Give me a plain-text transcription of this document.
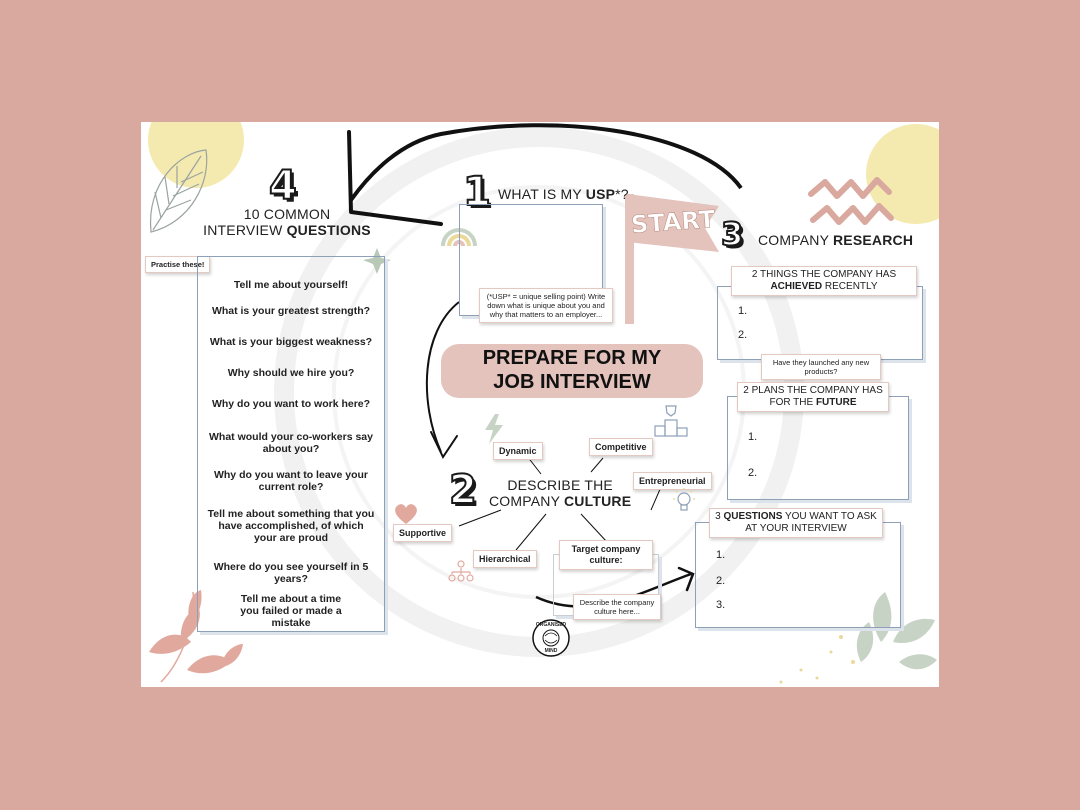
START
1 WHAT IS MY USP*?
(*USP* = unique selling point) Write down what is unique about you and why that matters to an employer...
PREPARE FOR MY
JOB INTERVIEW
4
10 COMMON
INTERVIEW QUESTIONS
Practise these!
Tell me about yourself!
What is your greatest strength?
What is your biggest weakness?
Why should we hire you?
Why do you want to work here?
What would your co-workers say about you?
Why do you want to leave your current role?
Tell me about something that you have accomplished, of which your are proud
Where do you see yourself in 5 years?
Tell me about a time you failed or made a mistake
3 COMPANY RESEARCH
1.
2.
2 THINGS THE COMPANY HAS
ACHIEVED RECENTLY
Have they launched any new products?
1.
2.
2 PLANS THE COMPANY HAS
FOR THE FUTURE
1.
2.
3.
3 QUESTIONS YOU WANT TO ASK
AT YOUR INTERVIEW
2	DESCRIBE THE
COMPANY CULTURE
Dynamic	Competitive
Entrepreneurial
Supportive
Hierarchical
Target company culture:
Describe the company culture here...
ORGANISED
MIND
